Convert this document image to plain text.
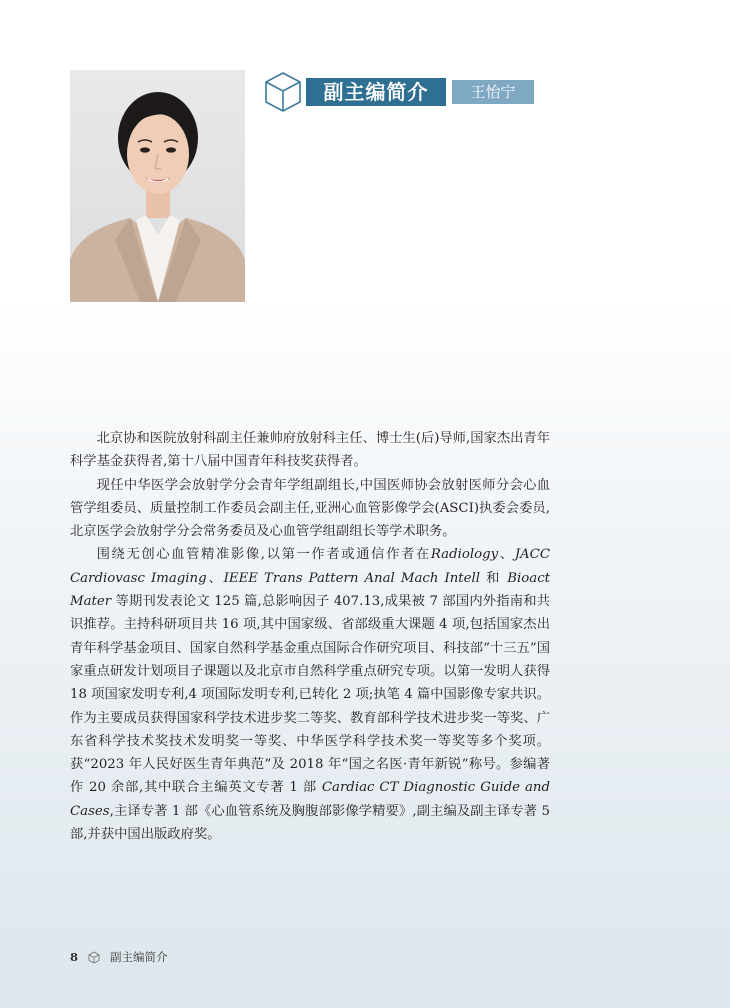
副主编简介	王怡宁

北京协和医院放射科副主任兼帅府放射科主任、博士生(后)导师,国家杰出青年科学基金获得者,第十八届中国青年科技奖获得者。

现任中华医学会放射学分会青年学组副组长,中国医师协会放射医师分会心血管学组委员、质量控制工作委员会副主任,亚洲心血管影像学会(ASCI)执委会委员,北京医学会放射学分会常务委员及心血管学组副组长等学术职务。

围绕无创心血管精准影像,以第一作者或通信作者在Radiology、JACC Cardiovasc Imaging、IEEE Trans Pattern Anal Mach Intell 和 Bioact Mater 等期刊发表论文 125 篇,总影响因子 407.13,成果被 7 部国内外指南和共识推荐。主持科研项目共 16 项,其中国家级、省部级重大课题 4 项,包括国家杰出青年科学基金项目、国家自然科学基金重点国际合作研究项目、科技部“十三五”国家重点研发计划项目子课题以及北京市自然科学重点研究专项。以第一发明人获得 18 项国家发明专利,4 项国际发明专利,已转化 2 项;执笔 4 篇中国影像专家共识。作为主要成员获得国家科学技术进步奖二等奖、教育部科学技术进步奖一等奖、广东省科学技术奖技术发明奖一等奖、中华医学科学技术奖一等奖等多个奖项。获“2023 年人民好医生青年典范”及 2018 年“国之名医·青年新锐”称号。参编著作 20 余部,其中联合主编英文专著 1 部 Cardiac CT Diagnostic Guide and Cases,主译专著 1 部《心血管系统及胸腹部影像学精要》,副主编及副主译专著 5 部,并获中国出版政府奖。

8	副主编简介
